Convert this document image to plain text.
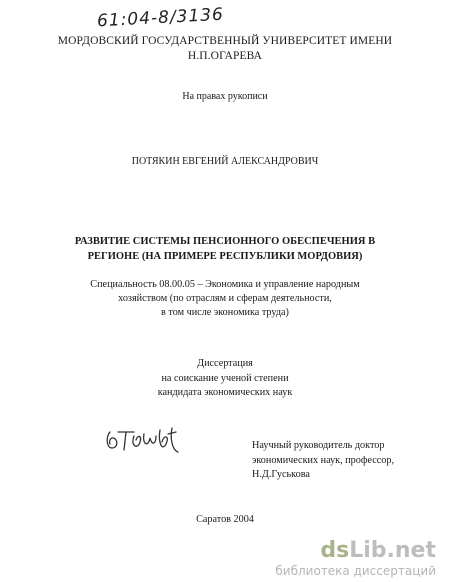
61:04-8/3136
МОРДОВСКИЙ ГОСУДАРСТВЕННЫЙ УНИВЕРСИТЕТ ИМЕНИ
Н.П.ОГАРЕВА
На правах рукописи
ПОТЯКИН ЕВГЕНИЙ АЛЕКСАНДРОВИЧ
РАЗВИТИЕ СИСТЕМЫ ПЕНСИОННОГО ОБЕСПЕЧЕНИЯ В
РЕГИОНЕ (НА ПРИМЕРЕ РЕСПУБЛИКИ МОРДОВИЯ)
Специальность 08.00.05 – Экономика и управление народным
хозяйством (по отраслям и сферам деятельности,
в том числе экономика труда)
Диссертация
на соискание ученой степени
кандидата экономических наук
Научный руководитель доктор
экономических наук, профессор,
Н.Д.Гуськова
Саратов 2004
dsLib.net
библиотека диссертаций
